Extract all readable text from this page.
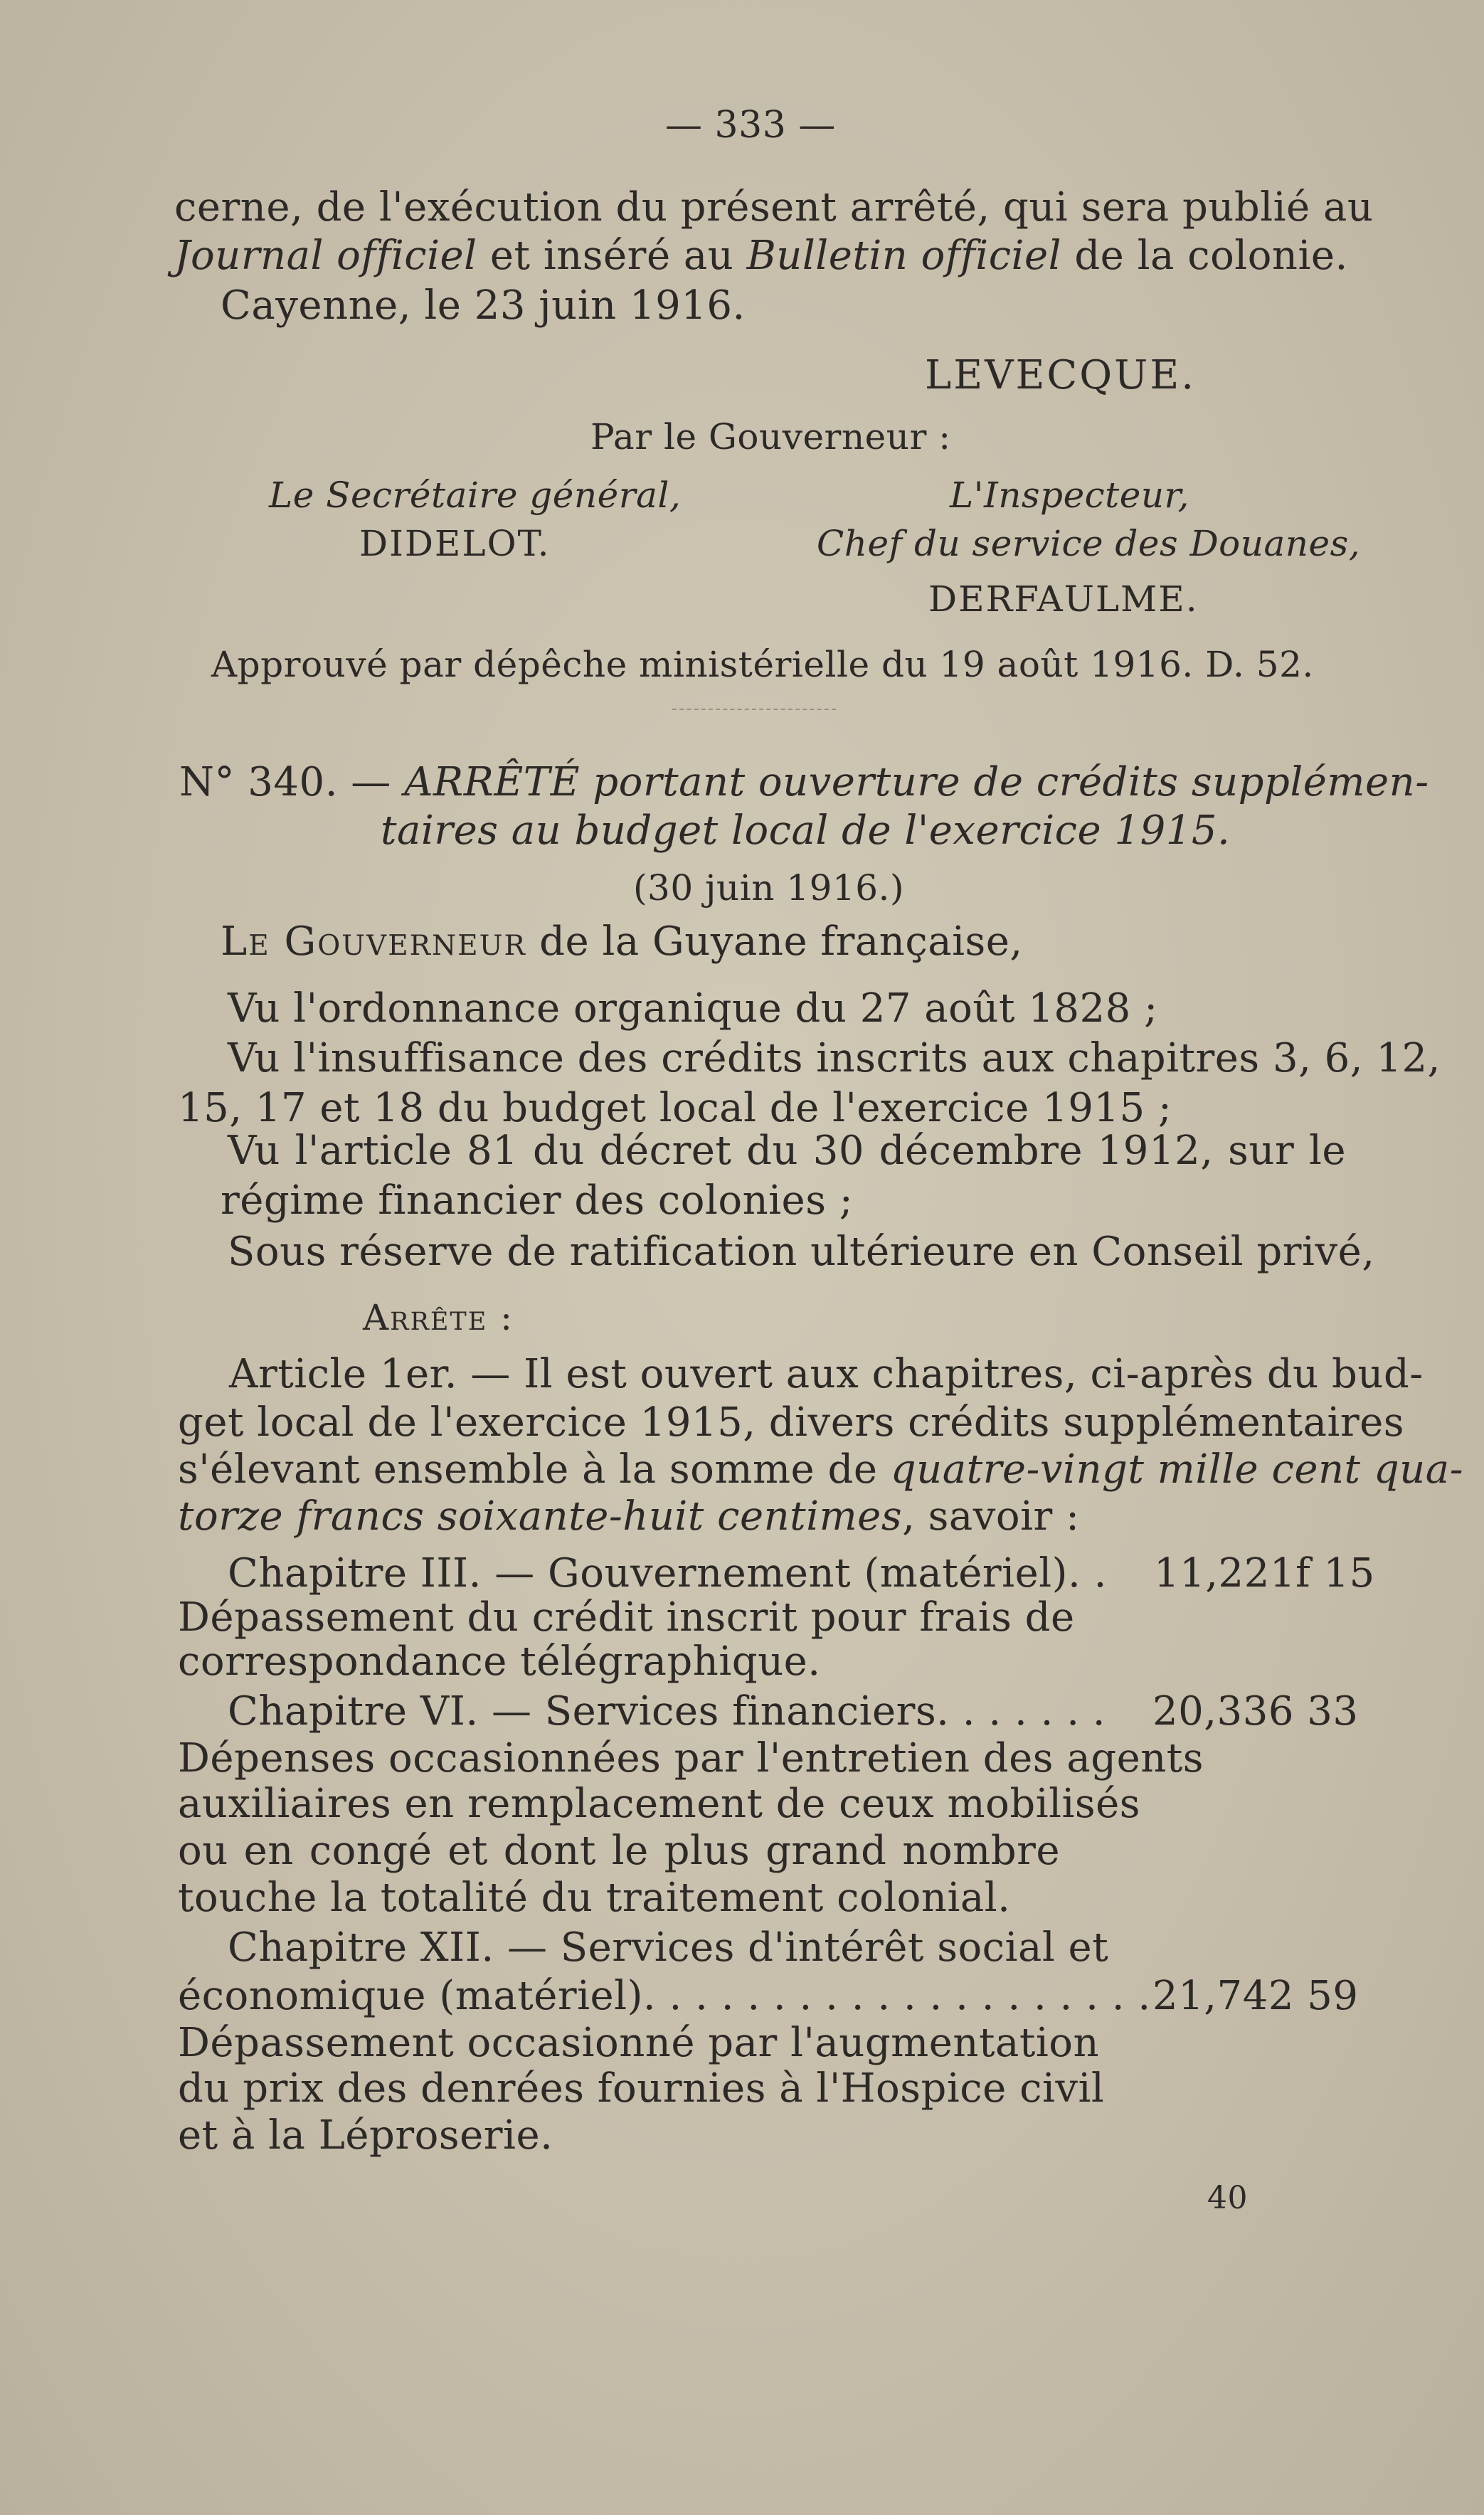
— 333 —
cerne, de l'exécution du présent arrêté, qui sera publié au
Journal officiel et inséré au Bulletin officiel de la colonie.
Cayenne, le 23 juin 1916.
LEVECQUE.
Par le Gouverneur :
Le Secrétaire général,
DIDELOT.
L'Inspecteur,
Chef du service des Douanes,
DERFAULME.
Approuvé par dépêche ministérielle du 19 août 1916. D. 52.
N° 340. — ARRÊTÉ portant ouverture de crédits supplémen-
taires au budget local de l'exercice 1915.
(30 juin 1916.)
Le Gouverneur de la Guyane française,
Vu l'ordonnance organique du 27 août 1828 ;
Vu l'insuffisance des crédits inscrits aux chapitres 3, 6, 12,
15, 17 et 18 du budget local de l'exercice 1915 ;
Vu l'article 81 du décret du 30 décembre 1912, sur le
régime financier des colonies ;
Sous réserve de ratification ultérieure en Conseil privé,
Arrête :
Article 1er. — Il est ouvert aux chapitres, ci-après du bud-
get local de l'exercice 1915, divers crédits supplémentaires
s'élevant ensemble à la somme de quatre-vingt mille cent qua-
torze francs soixante-huit centimes, savoir :
Chapitre III. — Gouvernement (matériel). . 11,221f 15
Dépassement du crédit inscrit pour frais de
correspondance télégraphique.
Chapitre VI. — Services financiers. . . . . . . 20,336 33
Dépenses occasionnées par l'entretien des agents
auxiliaires en remplacement de ceux mobilisés
ou en congé et dont le plus grand nombre
touche la totalité du traitement colonial.
Chapitre XII. — Services d'intérêt social et
économique (matériel). . . . . . . . . . . . . . . . . . . . 21,742 59
Dépassement occasionné par l'augmentation
du prix des denrées fournies à l'Hospice civil
et à la Léproserie.
40
